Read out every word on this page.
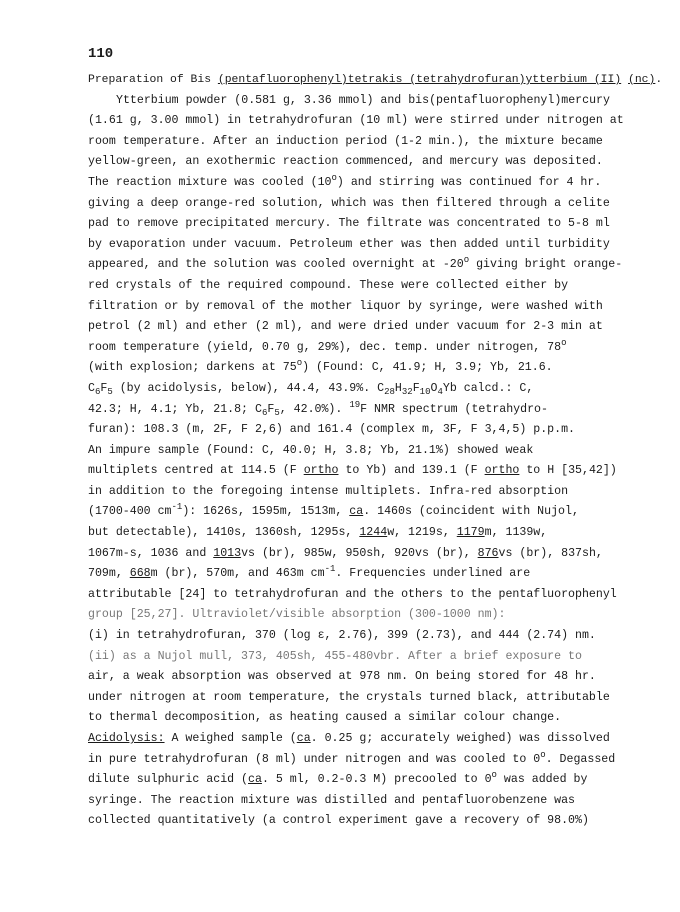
110
Preparation of Bis (pentafluorophenyl)tetrakis (tetrahydrofuran)ytterbium (II) (nc).
Ytterbium powder (0.581 g, 3.36 mmol) and bis(pentafluorophenyl)mercury
(1.61 g, 3.00 mmol) in tetrahydrofuran (10 ml) were stirred under nitrogen at
room temperature. After an induction period (1-2 min.), the mixture became
yellow-green, an exothermic reaction commenced, and mercury was deposited.
The reaction mixture was cooled (10$^o$) and stirring was continued for 4 hr.
giving a deep orange-red solution, which was then filtered through a celite
pad to remove precipitated mercury. The filtrate was concentrated to 5-8 ml
by evaporation under vacuum. Petroleum ether was then added until turbidity
appeared, and the solution was cooled overnight at -20$^o$ giving bright orange-
red crystals of the required compound. These were collected either by
filtration or by removal of the mother liquor by syringe, were washed with
petrol (2 ml) and ether (2 ml), and were dried under vacuum for 2-3 min at
room temperature (yield, 0.70 g, 29%), dec. temp. under nitrogen, 78$^o$
(with explosion; darkens at 75$^o$) (Found: C, 41.9; H, 3.9; Yb, 21.6.
$C_6F_5$ (by acidolysis, below), 44.4, 43.9%. $C_{28}H_{32}F_{10}O_4Yb$ calcd.: C,
42.3; H, 4.1; Yb, 21.8; $C_6F_5$, 42.0%). $^{19}$F NMR spectrum (tetrahydro-
furan): 108.3 (m, 2F, F 2,6) and 161.4 (complex m, 3F, F 3,4,5) p.p.m.
An impure sample (Found: C, 40.0; H, 3.8; Yb, 21.1%) showed weak
multiplets centred at 114.5 (F ortho to Yb) and 139.1 (F ortho to H [35,42])
in addition to the foregoing intense multiplets. Infra-red absorption
(1700-400 $cm^{-1}$): 1626s, 1595m, 1513m, ca. 1460s (coincident with Nujol,
but detectable), 1410s, 1360sh, 1295s, 1244w, 1219s, 1179m, 1139w,
1067m-s, 1036 and 1013vs (br), 985w, 950sh, 920vs (br), 876vs (br), 837sh,
709m, 668m (br), 570m, and 463m $cm^{-1}$. Frequencies underlined are
attributable [24] to tetrahydrofuran and the others to the pentafluorophenyl
group [25,27]. Ultraviolet/visible absorption (300-1000 nm):
(i) in tetrahydrofuran, 370 (log ε, 2.76), 399 (2.73), and 444 (2.74) nm.
(ii) as a Nujol mull, 373, 405sh, 455-480vbr. After a brief exposure to
air, a weak absorption was observed at 978 nm. On being stored for 48 hr.
under nitrogen at room temperature, the crystals turned black, attributable
to thermal decomposition, as heating caused a similar colour change.
Acidolysis: A weighed sample (ca. 0.25 g; accurately weighed) was dissolved
in pure tetrahydrofuran (8 ml) under nitrogen and was cooled to 0$^o$. Degassed
dilute sulphuric acid (ca. 5 ml, 0.2-0.3 M) precooled to 0$^o$ was added by
syringe. The reaction mixture was distilled and pentafluorobenzene was
collected quantitatively (a control experiment gave a recovery of 98.0%)
